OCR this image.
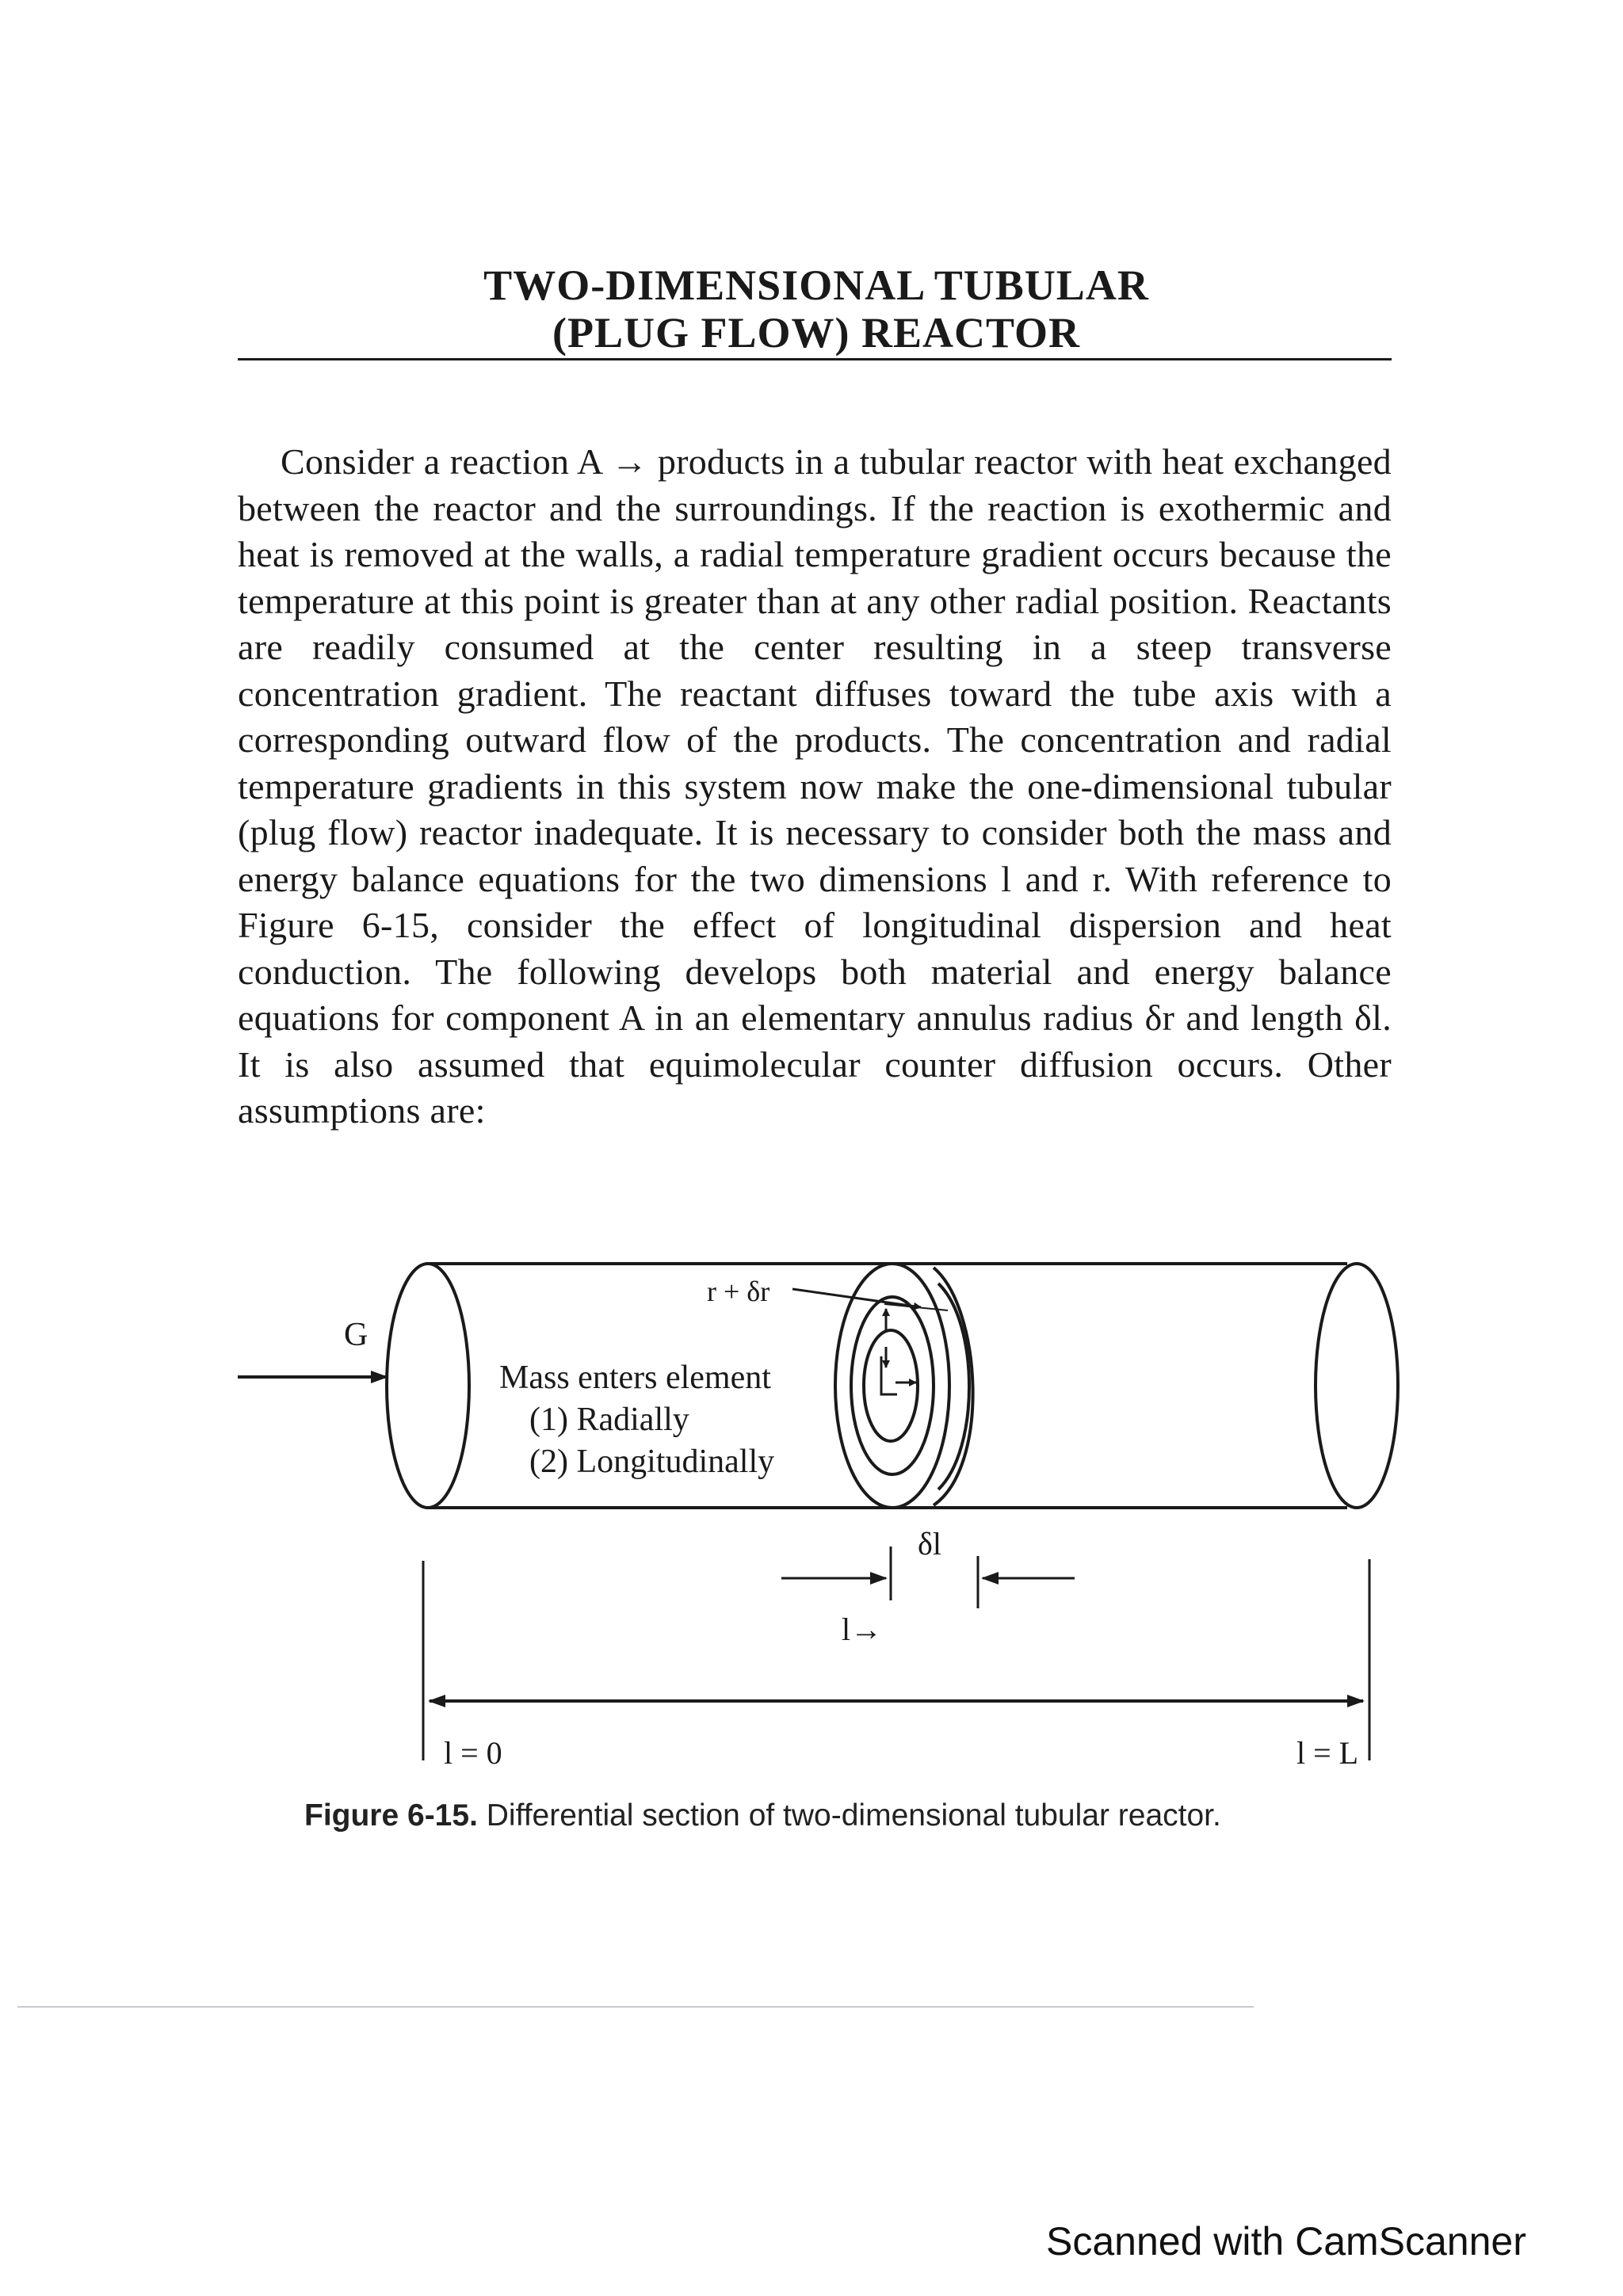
TWO-DIMENSIONAL TUBULAR
(PLUG FLOW) REACTOR

Consider a reaction A → products in a tubular reactor with heat exchanged between the reactor and the surroundings. If the reaction is exothermic and heat is removed at the walls, a radial temperature gradient occurs because the temperature at this point is greater than at any other radial position. Reactants are readily consumed at the center resulting in a steep transverse concentration gradient. The reactant diffuses toward the tube axis with a corresponding outward flow of the products. The concentration and radial temperature gradients in this system now make the one-dimensional tubular (plug flow) reactor inadequate. It is necessary to consider both the mass and energy balance equations for the two dimensions l and r. With reference to Figure 6-15, consider the effect of longitudinal dispersion and heat conduction. The following develops both material and energy balance equations for component A in an elementary annulus radius δr and length δl. It is also assumed that equimolecular counter diffusion occurs. Other assumptions are:

G
r + δr
Mass enters element
(1) Radially
(2) Longitudinally
δl
l→
l = 0	l = L
Figure 6-15. Differential section of two-dimensional tubular reactor.
Scanned with CamScanner
